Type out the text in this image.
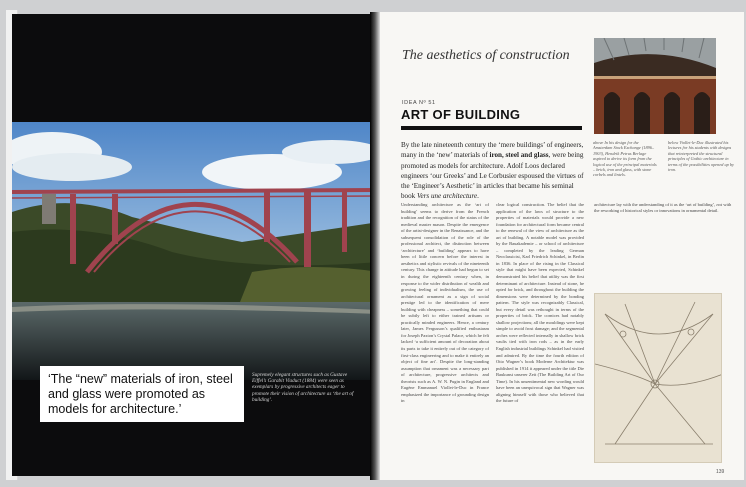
‘The “new” materials of iron, steel and glass were promoted as models for architecture.’
Supremely elegant structures such as Gustave Eiffel’s Garabit Viaduct (1884) were seen as exemplars by progressive architects eager to promote their vision of architecture as ‘the art of building’.
The aesthetics of construction
IDEA Nº 51
ART OF BUILDING
By the late nineteenth century the ‘mere buildings’ of engineers, many in the ‘new’ materials of iron, steel and glass, were being promoted as models for architecture. Adolf Loos declared engineers ‘our Greeks’ and Le Corbusier espoused the virtues of the ‘Engineer’s Aesthetic’ in articles that became his seminal book Vers une architecture.
Understanding architecture as the ‘art of building’ seems to derive from the French tradition and the recognition of the status of the medieval master mason. Despite the emergence of the artist-designer in the Renaissance, and the subsequent consolidation of the role of the professional architect, the distinction between ‘architecture’ and ‘building’ appears to have been of little concern before the interest in aesthetics and stylistic revivals of the nineteenth century. This change in attitude had begun to set in during the eighteenth century when, in response to the wider distribution of wealth and growing feeling of individualism, the use of architectural ornament as a sign of social prestige led to the identification of mere building with cheapness – something that could be subtly left to either trained artisans or practically minded engineers. Hence, a century later, James Fergusson’s qualified enthusiasm for Joseph Paxton’s Crystal Palace, which he felt lacked ‘a sufficient amount of decoration about its parts to take it entirely out of the category of first-class engineering and to make it entirely an object of fine art’. Despite the long-standing assumption that ornament was a necessary part of architecture, progressive architects and theorists such as A. W. N. Pugin in England and Eugène Emmanuel Viollet-le-Duc in France emphasized the importance of grounding design in
clear logical construction. The belief that the application of the laws of structure to the properties of materials would provide a new foundation for architectural form became central to the renewal of the view of architecture as the art of building. A notable model was provided by the Bauakademie – or school of architecture – completed by the leading German Neoclassicist, Karl Friedrich Schinkel, in Berlin in 1836. In place of the rising in the Classical style that might have been expected, Schinkel demonstrated his belief that utility was the first determinant of architecture. Instead of stone, he opted for brick, and throughout the building the dimensions were determined by the bonding pattern. The style was recognizably Classical, but every detail was rethought in terms of the properties of brick. The cornices had notably shallow projections; all the mouldings were kept simple to avoid frost damage; and the segmental arches were reflected internally in shallow brick vaults tied with iron rods – as in the early English industrial buildings Schinkel had visited and admired. By the time the fourth edition of Otto Wagner’s book Moderne Architektur was published in 1914 it appeared under the title Die Baukunst unserer Zeit (The Building Art of Our Time). In his unsentimental new wording would have been an unequivocal sign that Wagner was aligning himself with those who believed that the future of
architecture lay with the understanding of it as the ‘art of building’, not with the reworking of historical styles or innovations in ornamental detail.
above In his design for the Amsterdam Stock Exchange (1896–1903), Hendrik Petrus Berlage aspired to derive its form from the logical use of the principal materials – brick, iron and glass, with stone corbels and lintels.
below Viollet-le-Duc illustrated his lectures for his students with designs that reinterpreted the structural principles of Gothic architecture in terms of the possibilities opened up by iron.
139
